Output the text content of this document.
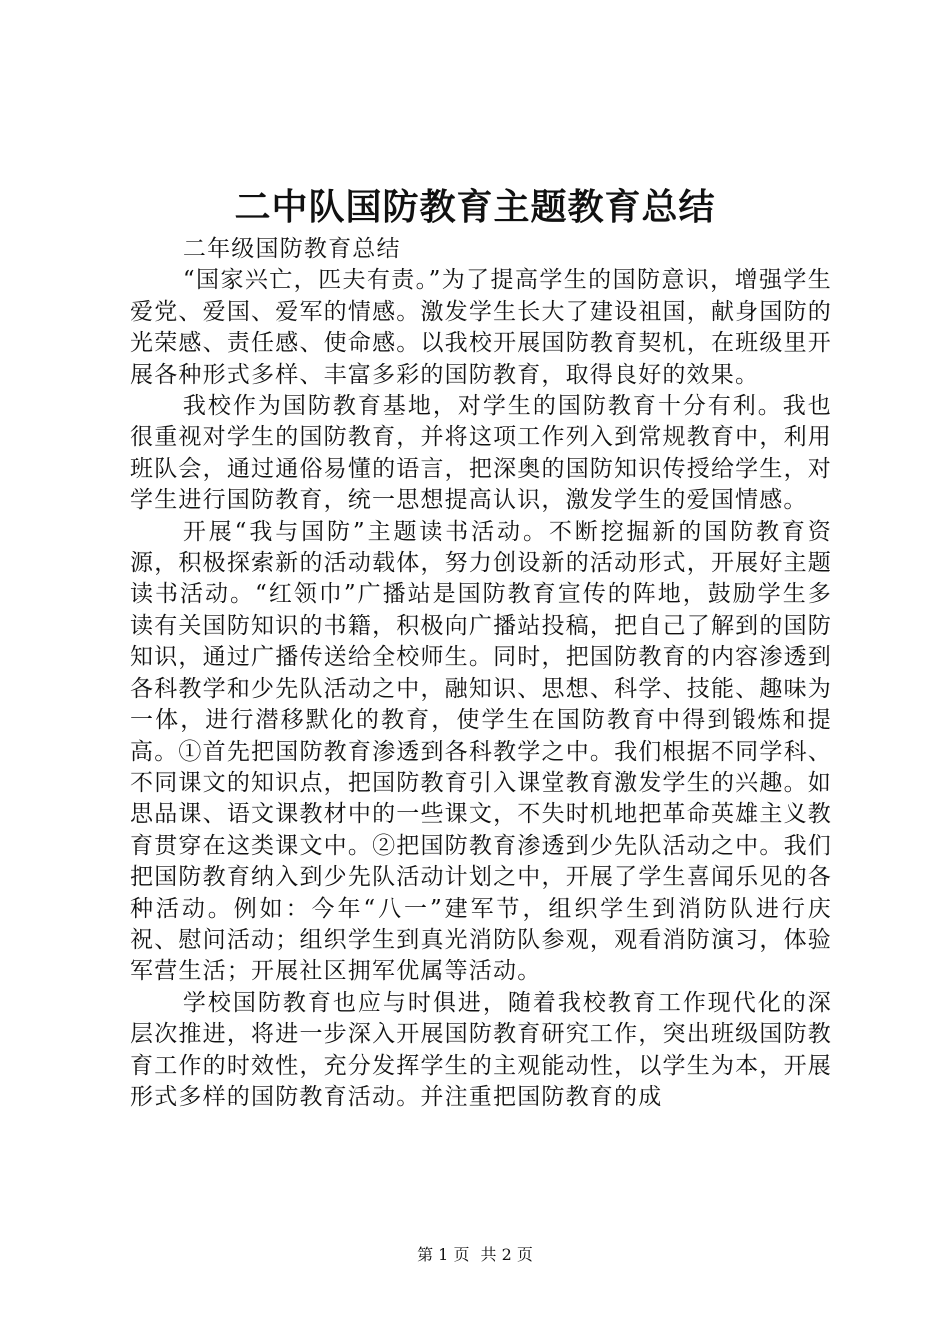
二中队国防教育主题教育总结

二年级国防教育总结

“国家兴亡，匹夫有责。”为了提高学生的国防意识，增强学生爱党、爱国、爱军的情感。激发学生长大了建设祖国，献身国防的光荣感、责任感、使命感。以我校开展国防教育契机，在班级里开展各种形式多样、丰富多彩的国防教育，取得良好的效果。

我校作为国防教育基地，对学生的国防教育十分有利。我也很重视对学生的国防教育，并将这项工作列入到常规教育中，利用班队会，通过通俗易懂的语言，把深奥的国防知识传授给学生，对学生进行国防教育，统一思想提高认识，激发学生的爱国情感。

开展“我与国防”主题读书活动。不断挖掘新的国防教育资源，积极探索新的活动载体，努力创设新的活动形式，开展好主题读书活动。“红领巾”广播站是国防教育宣传的阵地，鼓励学生多读有关国防知识的书籍，积极向广播站投稿，把自己了解到的国防知识，通过广播传送给全校师生。同时，把国防教育的内容渗透到各科教学和少先队活动之中，融知识、思想、科学、技能、趣味为一体，进行潜移默化的教育，使学生在国防教育中得到锻炼和提高。①首先把国防教育渗透到各科教学之中。我们根据不同学科、不同课文的知识点，把国防教育引入课堂教育激发学生的兴趣。如思品课、语文课教材中的一些课文，不失时机地把革命英雄主义教育贯穿在这类课文中。②把国防教育渗透到少先队活动之中。我们把国防教育纳入到少先队活动计划之中，开展了学生喜闻乐见的各种活动。例如：今年“八一”建军节，组织学生到消防队进行庆祝、慰问活动；组织学生到真光消防队参观，观看消防演习，体验军营生活；开展社区拥军优属等活动。

学校国防教育也应与时俱进，随着我校教育工作现代化的深层次推进，将进一步深入开展国防教育研究工作，突出班级国防教育工作的时效性，充分发挥学生的主观能动性，以学生为本，开展形式多样的国防教育活动。并注重把国防教育的成

第 1 页 共 2 页
